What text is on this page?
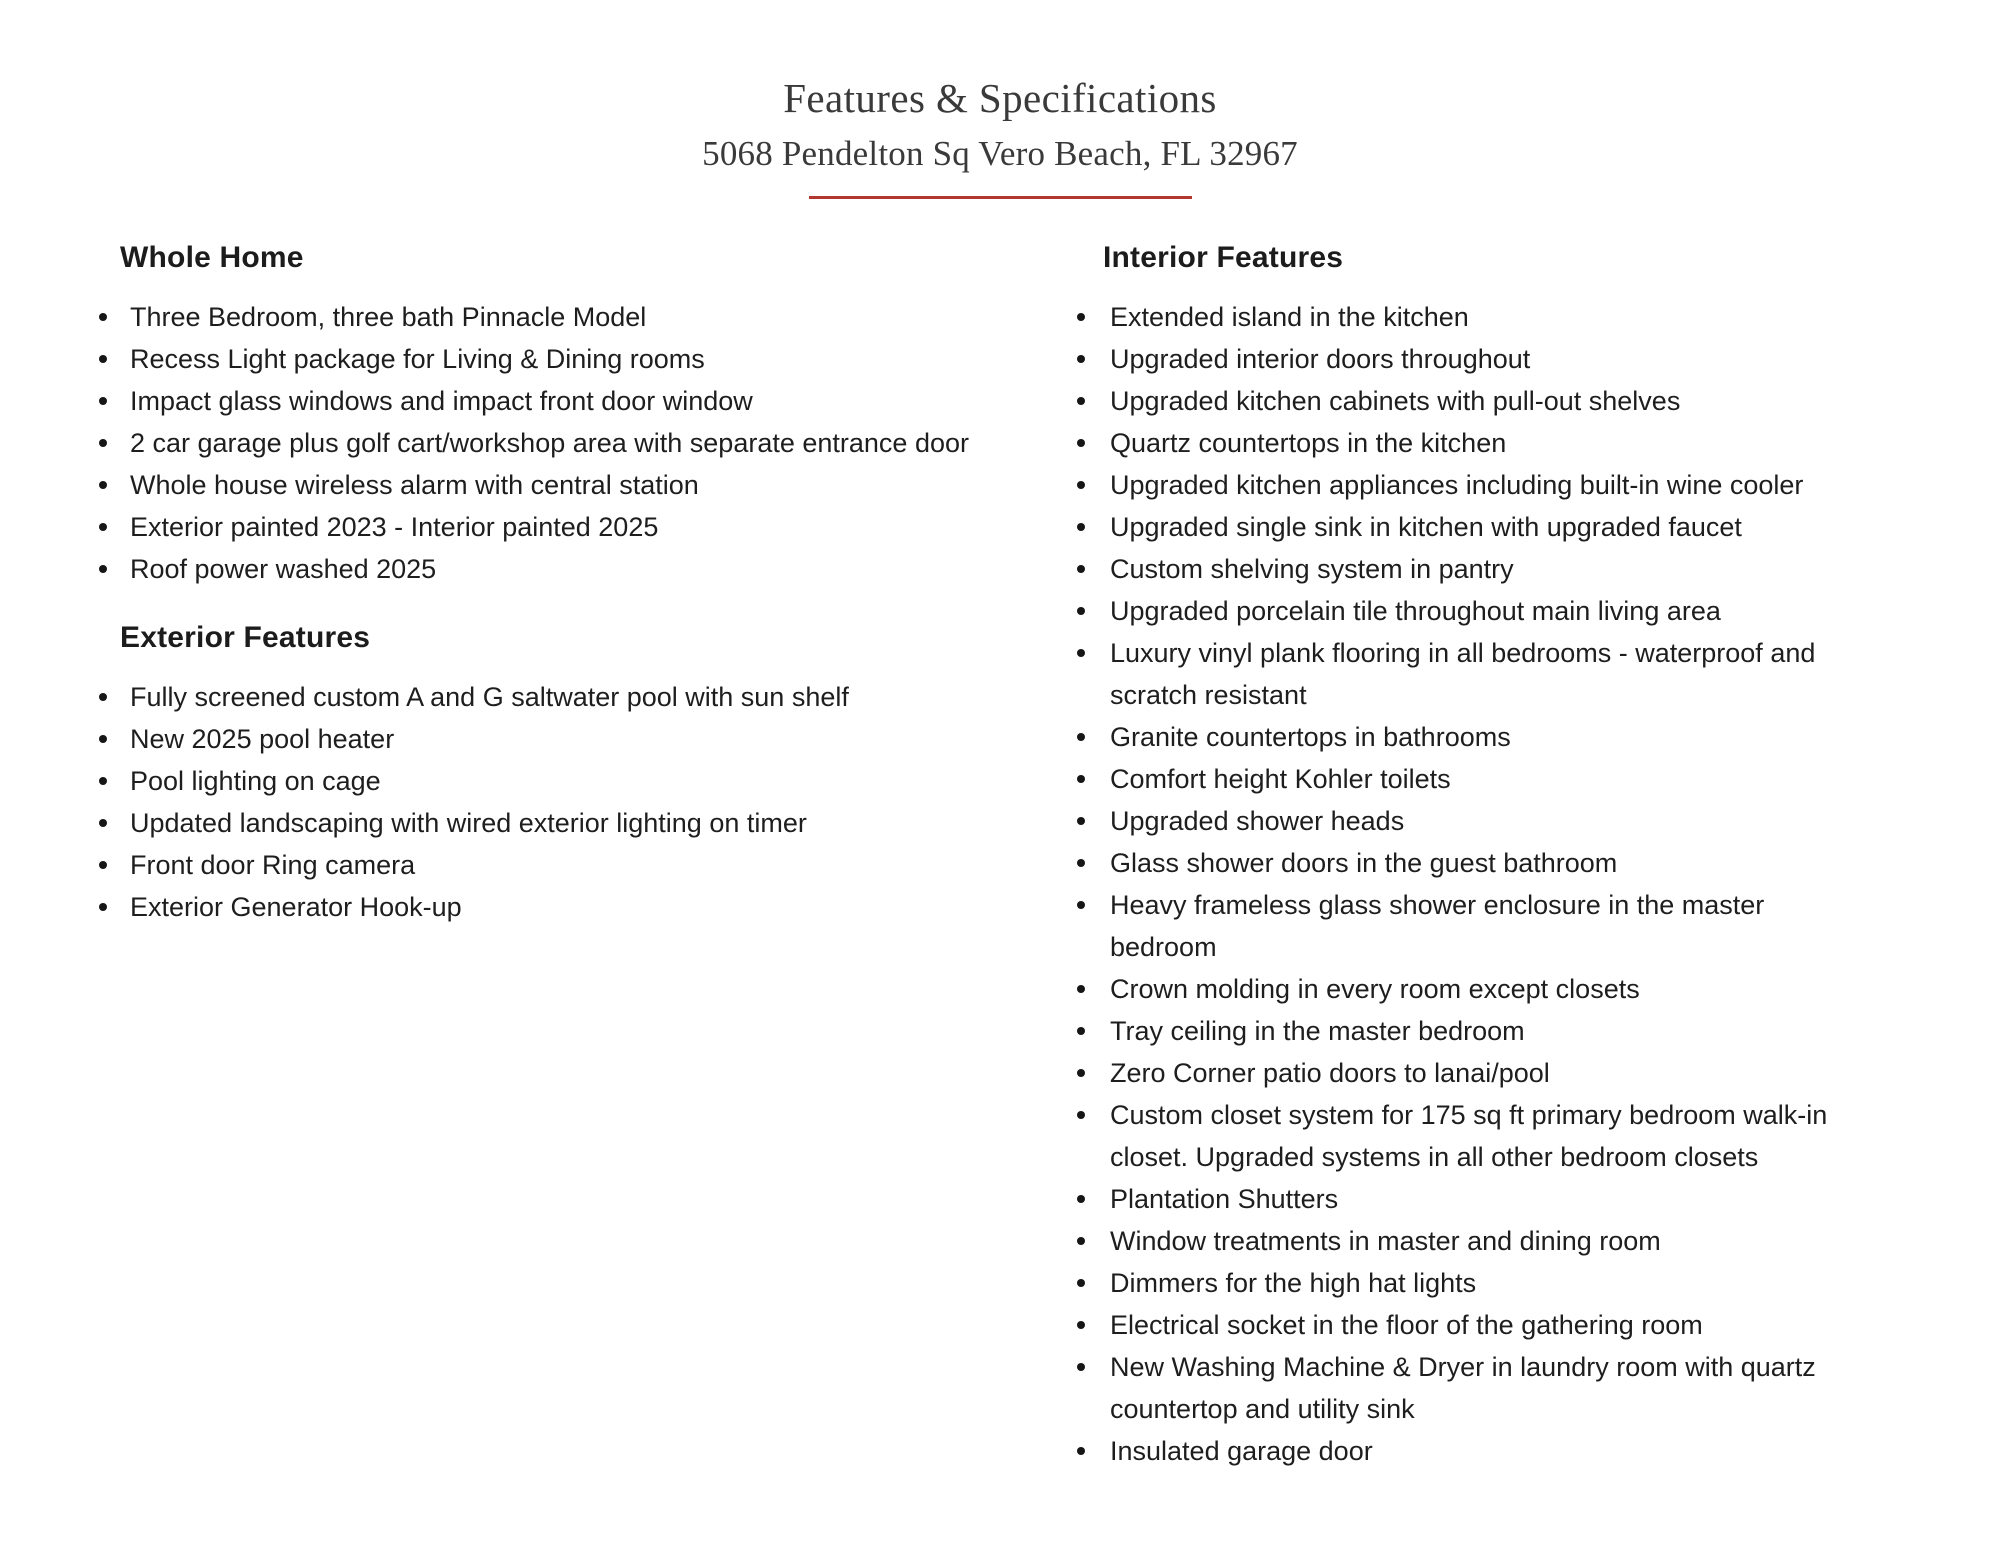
Features & Specifications
5068 Pendelton Sq Vero Beach, FL 32967
Whole Home
Three Bedroom, three bath Pinnacle Model
Recess Light package for Living & Dining rooms
Impact glass windows and impact front door window
2 car garage plus golf cart/workshop area with separate entrance door
Whole house wireless alarm with central station
Exterior painted 2023 - Interior painted 2025
Roof power washed 2025
Exterior Features
Fully screened custom A and G saltwater pool with sun shelf
New 2025 pool heater
Pool lighting on cage
Updated landscaping with wired exterior lighting on timer
Front door Ring camera
Exterior Generator Hook-up
Interior Features
Extended island in the kitchen
Upgraded interior doors throughout
Upgraded kitchen cabinets with pull-out shelves
Quartz countertops in the kitchen
Upgraded kitchen appliances including built-in wine cooler
Upgraded single sink in kitchen with upgraded faucet
Custom shelving system in pantry
Upgraded porcelain tile throughout main living area
Luxury vinyl plank flooring in all bedrooms - waterproof and scratch resistant
Granite countertops in bathrooms
Comfort height Kohler toilets
Upgraded shower heads
Glass shower doors in the guest bathroom
Heavy frameless glass shower enclosure in the master bedroom
Crown molding in every room except closets
Tray ceiling in the master bedroom
Zero Corner patio doors to lanai/pool
Custom closet system for 175 sq ft primary bedroom walk-in closet. Upgraded systems in all other bedroom closets
Plantation Shutters
Window treatments in master and dining room
Dimmers for the high hat lights
Electrical socket in the floor of the gathering room
New Washing Machine & Dryer in laundry room with quartz countertop and utility sink
Insulated garage door
